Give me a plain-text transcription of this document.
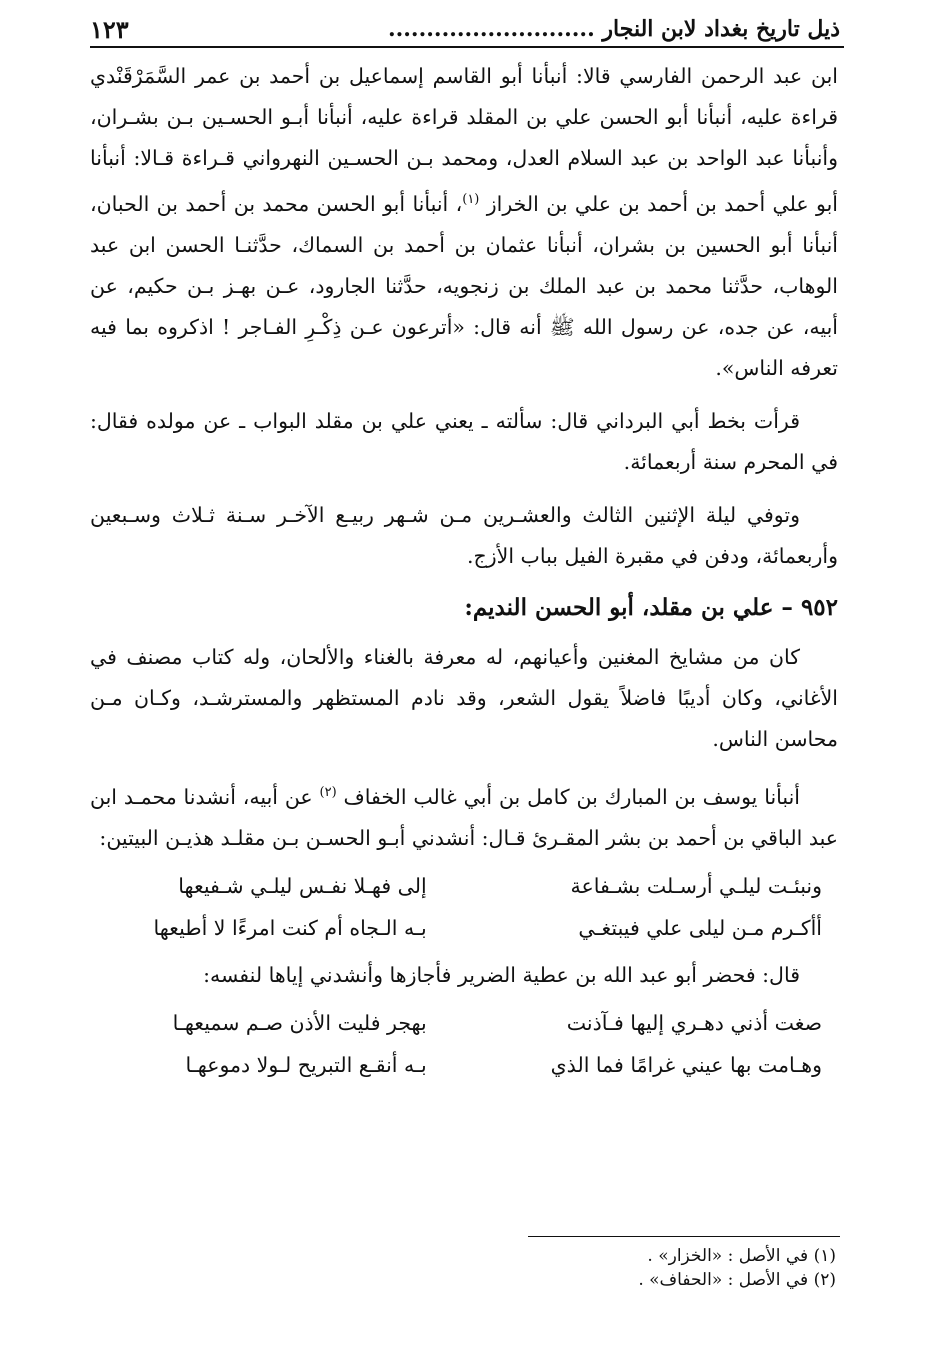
ذيل تاريخ بغداد لابن النجار ...........................
١٢٣

ابن عبد الرحمن الفارسي قالا: أنبأنا أبو القاسم إسماعيل بن أحمد بن عمر السَّمَرْقَنْدي قراءة عليه، أنبأنا أبو الحسن علي بن المقلد قراءة عليه، أنبأنا أبـو الحسـين بـن بشـران، وأنبأنا عبد الواحد بن عبد السلام العدل، ومحمد بـن الحسـين النهرواني قـراءة قـالا: أنبأنا أبو علي أحمد بن أحمد بن علي بن الخراز $^{(١)}$، أنبأنا أبو الحسن محمد بن أحمد بن الحبان، أنبأنا أبو الحسين بن بشران، أنبأنا عثمان بن أحمد بن السماك، حدَّثنـا الحسن ابن عبد الوهاب، حدَّثنا محمد بن عبد الملك بن زنجويه، حدَّثنا الجارود، عـن بهـز بـن حكيم، عن أبيه، عن جده، عن رسول الله ﷺ أنه قال: «أترعون عـن ذِكْـرِ الفـاجر ! اذكروه بما فيه تعرفه الناس».

قرأت بخط أبي البرداني قال: سألته ـ يعني علي بن مقلد البواب ـ عن مولده فقال: في المحرم سنة أربعمائة.

وتوفي ليلة الإثنين الثالث والعشـرين مـن شـهر ربيـع الآخـر سـنة ثـلاث وسـبعين وأربعمائة، ودفن في مقبرة الفيل بباب الأزج.

٩٥٢ – علي بن مقلد، أبو الحسن النديم:

كان من مشايخ المغنين وأعيانهم، له معرفة بالغناء والألحان، وله كتاب مصنف في الأغاني، وكان أديبًا فاضلاً يقول الشعر، وقد نادم المستظهر والمسترشـد، وكـان مـن محاسن الناس.

أنبأنا يوسف بن المبارك بن كامل بن أبي غالب الخفاف $^{(٢)}$ عن أبيه، أنشدنا محمـد ابن عبد الباقي بن أحمد بن بشر المقـرئ قـال: أنشدني أبـو الحسـن بـن مقلـد هذيـن البيتين:

ونبئـت ليلـي أرسـلت بشـفاعة
إلى فهـلا نفـس ليلـي شـفيعها
أأكـرم مـن ليلى علي فيبتغـي
بـه الـجاه أم كنت امرءًا لا أطيعها

قال: فحضر أبو عبد الله بن عطية الضرير فأجازها وأنشدني إياها لنفسه:

صغت أذني دهـري إليها فـآذنت
بهجر فليت الأذن صـم سميعهـا
وهـامت بها عيني غرامًا فما الذي
بـه أنقـع التبريح لـولا دموعهـا
(١) في الأصل : «الخزار» .
(٢) في الأصل : «الحفاف» .
